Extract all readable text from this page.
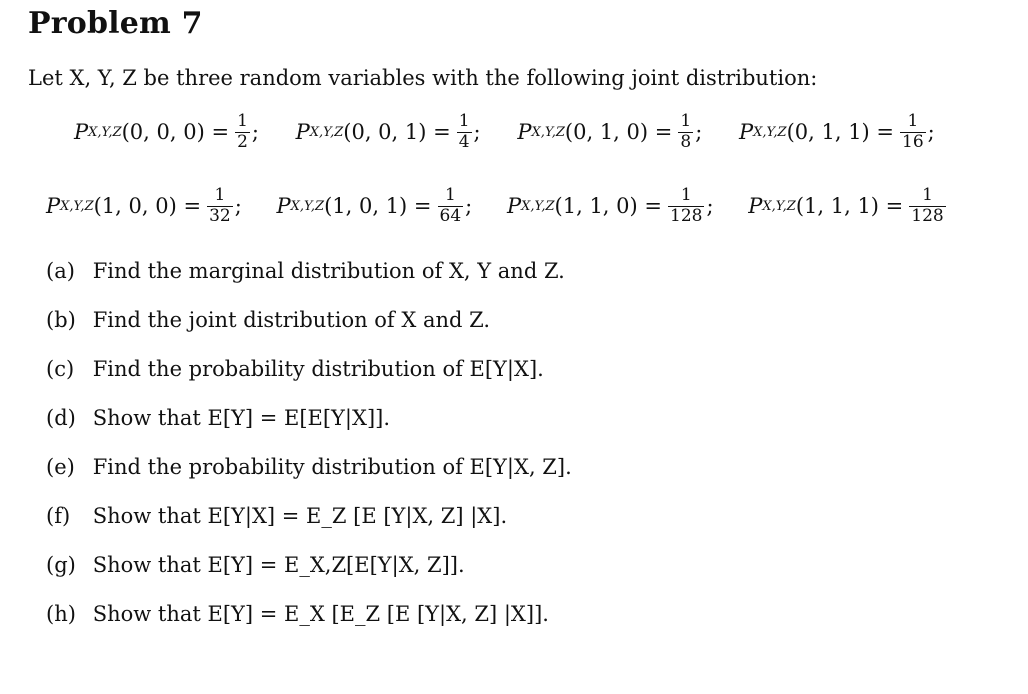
Problem 7
Let X, Y, Z be three random variables with the following joint distribution:
P X,Y,Z (0, 0, $0) = \frac{1}{2}$ ;
P X,Y,Z (0, 0, $1) = \frac{1}{4}$ ;
P X,Y,Z (0, 1, $0) = \frac{1}{8}$ ;
P X,Y,Z (0, 1, $1) = \frac{1}{16}$ ;
P X,Y,Z (1, 0, $0) = \frac{1}{32}$ ;
P X,Y,Z (1, 0, $1) = \frac{1}{64}$ ;
P X,Y,Z (1, 1, $0) = \frac{1}{128}$ ;
P X,Y,Z (1, 1, $1) = \frac{1}{128}$
(a) Find the marginal distribution of X, Y and Z.
(b) Find the joint distribution of X and Z.
(c) Find the probability distribution of E[Y|X].
(d) Show that E[Y] = E[E[Y|X]].
(e) Find the probability distribution of E[Y|X, Z].
(f) Show that E[Y|X] = E_Z [E [Y|X, Z] |X].
(g) Show that E[Y] = E_X,Z[E[Y|X, Z]].
(h) Show that E[Y] = E_X [E_Z [E [Y|X, Z] |X]].
